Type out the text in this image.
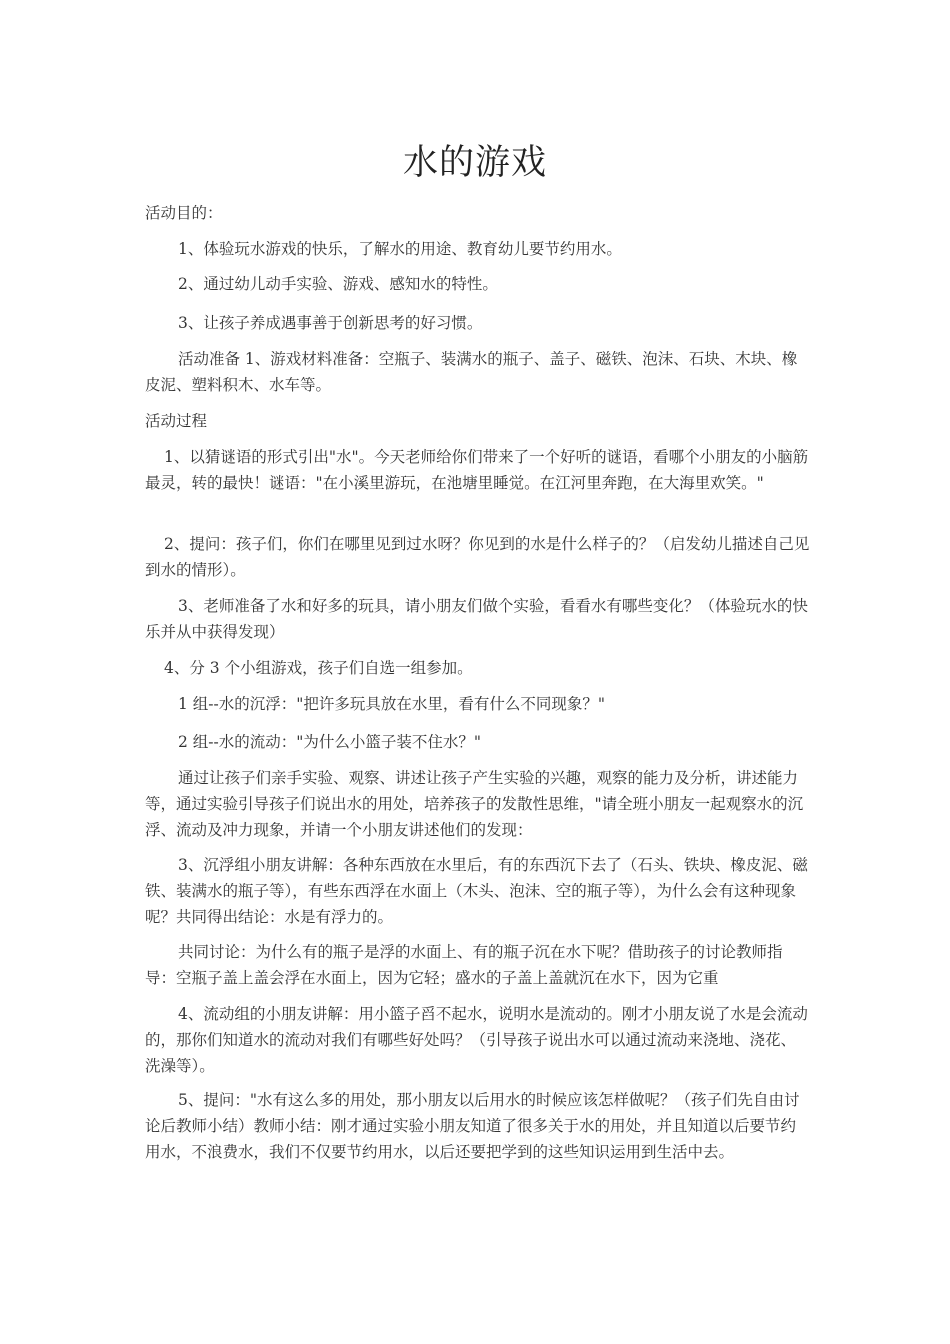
水的游戏
活动目的：
1、体验玩水游戏的快乐，了解水的用途、教育幼儿要节约用水。
2、通过幼儿动手实验、游戏、感知水的特性。
3、让孩子养成遇事善于创新思考的好习惯。
活动准备 1、游戏材料准备：空瓶子、装满水的瓶子、盖子、磁铁、泡沫、石块、木块、橡皮泥、塑料积木、水车等。
活动过程
1、以猜谜语的形式引出"水"。今天老师给你们带来了一个好听的谜语，看哪个小朋友的小脑筋最灵，转的最快！谜语："在小溪里游玩，在池塘里睡觉。在江河里奔跑，在大海里欢笑。"
2、提问：孩子们，你们在哪里见到过水呀？你见到的水是什么样子的？（启发幼儿描述自己见到水的情形）。
3、老师准备了水和好多的玩具，请小朋友们做个实验，看看水有哪些变化？（体验玩水的快乐并从中获得发现）
4、分 3 个小组游戏，孩子们自选一组参加。
1 组--水的沉浮："把许多玩具放在水里，看有什么不同现象？"
2 组--水的流动："为什么小篮子装不住水？"
通过让孩子们亲手实验、观察、讲述让孩子产生实验的兴趣，观察的能力及分析，讲述能力等，通过实验引导孩子们说出水的用处，培养孩子的发散性思维，"请全班小朋友一起观察水的沉浮、流动及冲力现象，并请一个小朋友讲述他们的发现：
3、沉浮组小朋友讲解：各种东西放在水里后，有的东西沉下去了（石头、铁块、橡皮泥、磁铁、装满水的瓶子等），有些东西浮在水面上（木头、泡沫、空的瓶子等），为什么会有这种现象呢？共同得出结论：水是有浮力的。
共同讨论：为什么有的瓶子是浮的水面上、有的瓶子沉在水下呢？借助孩子的讨论教师指导：空瓶子盖上盖会浮在水面上，因为它轻；盛水的子盖上盖就沉在水下，因为它重
4、流动组的小朋友讲解：用小篮子舀不起水，说明水是流动的。刚才小朋友说了水是会流动的，那你们知道水的流动对我们有哪些好处吗？（引导孩子说出水可以通过流动来浇地、浇花、洗澡等）。
5、提问："水有这么多的用处，那小朋友以后用水的时候应该怎样做呢？（孩子们先自由讨论后教师小结）教师小结：刚才通过实验小朋友知道了很多关于水的用处，并且知道以后要节约用水，不浪费水，我们不仅要节约用水，以后还要把学到的这些知识运用到生活中去。
